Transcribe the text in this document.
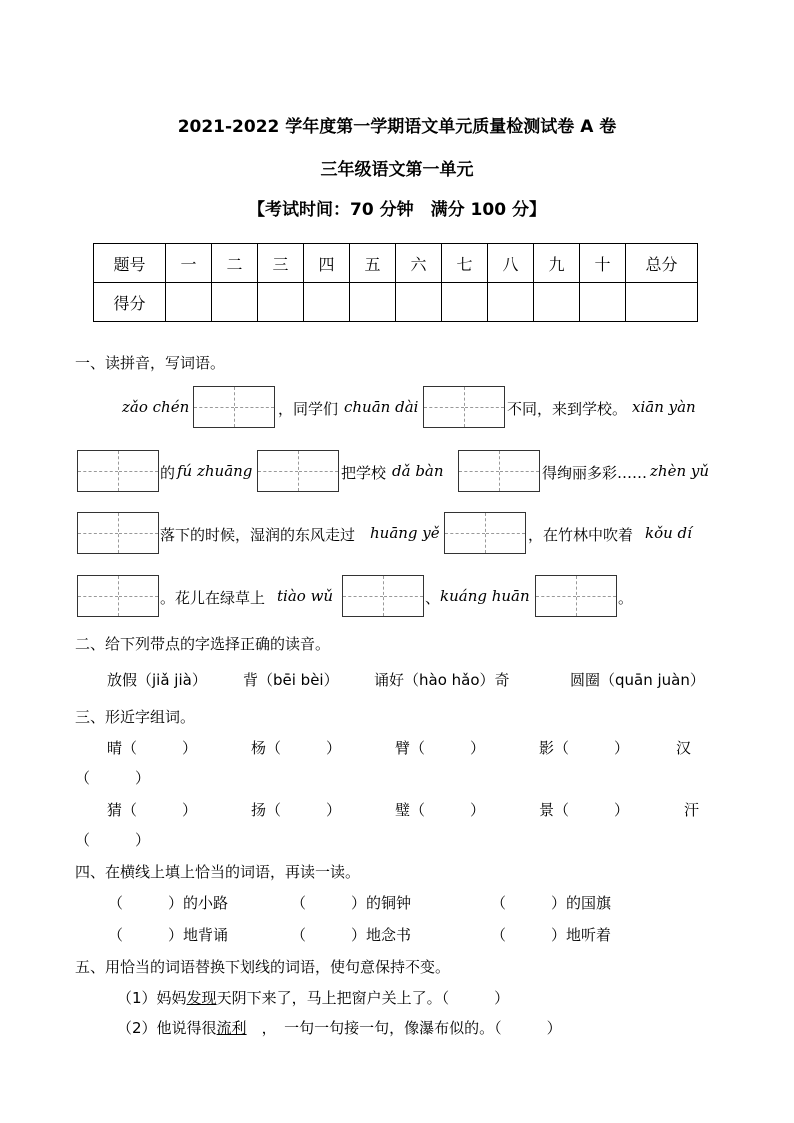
2021-2022 学年度第一学期语文单元质量检测试卷 A 卷
三年级语文第一单元
【考试时间：70 分钟　满分 100 分】
题号	一	二	三	四	五	六	七	八	九	十	总分
得分											
一、读拼音，写词语。
zǎo chén	，同学们 chuān dài	不同，来到学校。 xiān yàn
的 fú zhuāng	把学校 dǎ bàn	得绚丽多彩…… zhèn yǔ
落下的时候，湿润的东风走过 huāng yě	，在竹林中吹着 kǒu dí
。花儿在绿草上 tiào wǔ	、 kuáng huān	。
二、给下列带点的字选择正确的读音。
放假（jiǎ jià） 背（bēi bèi） 诵好（hào hǎo）奇	圆圈（quān juàn）
三、形近字组词。
晴（　　　）	杨（　　　）	臂（　　　）	影（　　　）	汉
（　　　）
猜（　　　）	扬（　　　）	璧（　　　）	景（　　　）	汗
（　　　）
四、在横线上填上恰当的词语，再读一读。
（　　　）的小路	（　　　）的铜钟	（　　　）的国旗
（　　　）地背诵	（　　　）地念书	（　　　）地听着
五、用恰当的词语替换下划线的词语，使句意保持不变。
（1）妈妈发现天阴下来了，马上把窗户关上了。（　　　）
（2）他说得很流利　，　一句一句接一句，像瀑布似的。（　　　）
